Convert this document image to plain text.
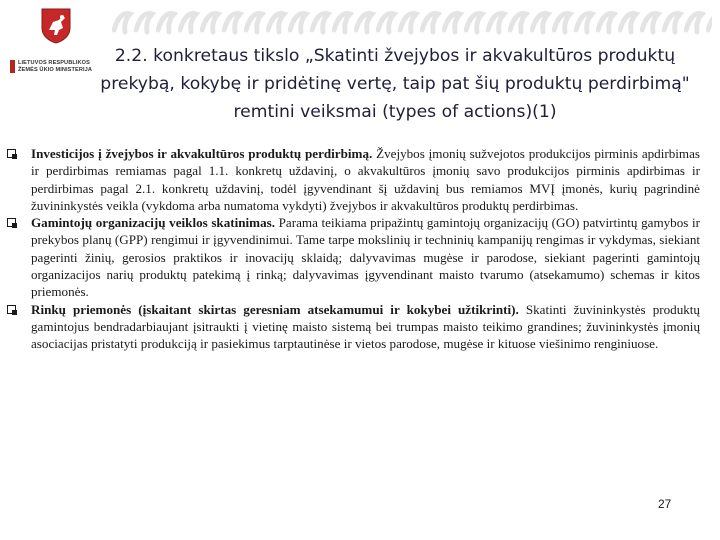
LIETUVOS RESPUBLIKOS
ŽEMĖS ŪKIO MINISTERIJA
2.2. konkretaus tikslo „Skatinti žvejybos ir akvakultūros produktų prekybą, kokybę ir pridėtinę vertę, taip pat šių produktų perdirbimą" remtini veiksmai (types of actions)(1)
Investicijos į žvejybos ir akvakultūros produktų perdirbimą. Žvejybos įmonių sužvejotos produkcijos pirminis apdirbimas ir perdirbimas remiamas pagal 1.1. konkretų uždavinį, o akvakultūros įmonių savo produkcijos pirminis apdirbimas ir perdirbimas pagal 2.1. konkretų uždavinį, todėl įgyvendinant šį uždavinį bus remiamos MVĮ įmonės, kurių pagrindinė žuvininkystės veikla (vykdoma arba numatoma vykdyti) žvejybos ir akvakultūros produktų perdirbimas.
Gamintojų organizacijų veiklos skatinimas. Parama teikiama pripažintų gamintojų organizacijų (GO) patvirtintų gamybos ir prekybos planų (GPP) rengimui ir įgyvendinimui. Tame tarpe mokslinių ir techninių kampanijų rengimas ir vykdymas, siekiant pagerinti žinių, gerosios praktikos ir inovacijų sklaidą; dalyvavimas mugėse ir parodose, siekiant pagerinti gamintojų organizacijos narių produktų patekimą į rinką; dalyvavimas įgyvendinant maisto tvarumo (atsekamumo) schemas ir kitos priemonės.
Rinkų priemonės (įskaitant skirtas geresniam atsekamumui ir kokybei užtikrinti). Skatinti žuvininkystės produktų gamintojus bendradarbiaujant įsitraukti į vietinę maisto sistemą bei trumpas maisto teikimo grandines; žuvininkystės įmonių asociacijas pristatyti produkciją ir pasiekimus tarptautinėse ir vietos parodose, mugėse ir kituose viešinimo renginiuose.
27
